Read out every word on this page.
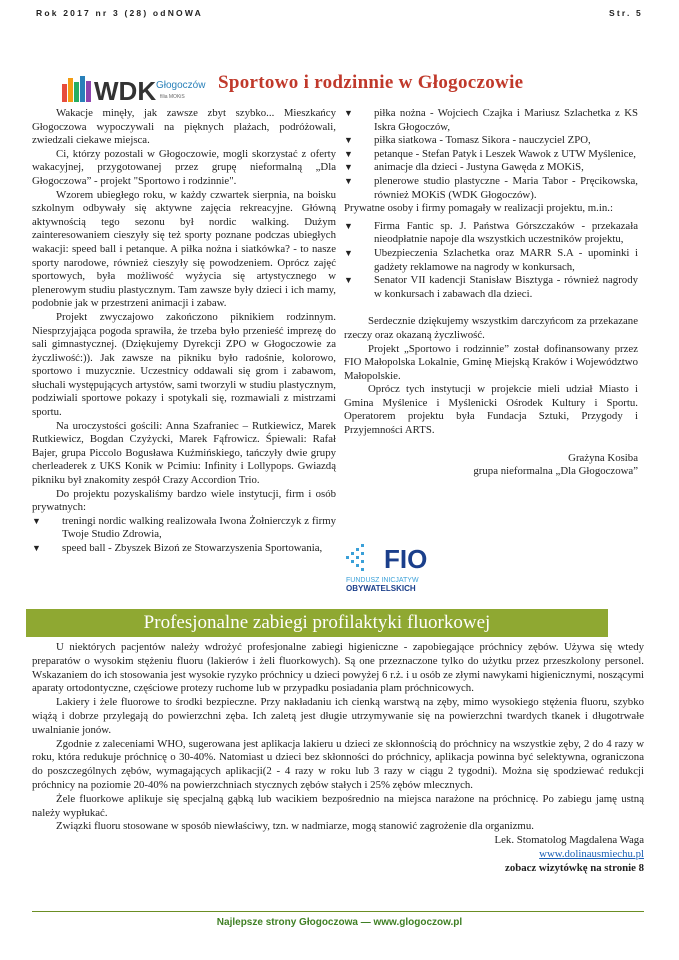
Rok 2017 nr 3 (28) odNOWA	Str. 5
WDK Głogoczów
filia MOKiS
Sportowo i rodzinnie w Głogoczowie

Wakacje minęły, jak zawsze zbyt szybko... Mieszkańcy Głogoczowa wypoczywali na pięknych plażach, podróżowali, zwiedzali ciekawe miejsca.

Ci, którzy pozostali w Głogoczowie, mogli skorzystać z oferty wakacyjnej, przygotowanej przez grupę nieformalną „Dla Głogoczowa” - projekt "Sportowo i rodzinnie".

Wzorem ubiegłego roku, w każdy czwartek sierpnia, na boisku szkolnym odbywały się aktywne zajęcia rekreacyjne. Główną aktywnością tego sezonu był nordic walking. Dużym zainteresowaniem cieszyły się też sporty poznane podczas ubiegłych wakacji: speed ball i petanque. A piłka nożna i siatkówka? - to nasze sporty narodowe, również cieszyły się powodzeniem. Oprócz zajęć sportowych, była możliwość wyżycia się artystycznego w plenerowym studiu plastycznym. Tam zawsze były dzieci i ich mamy, podobnie jak w przestrzeni animacji i zabaw.

Projekt zwyczajowo zakończono piknikiem rodzinnym. Niesprzyjająca pogoda sprawiła, że trzeba było przenieść imprezę do sali gimnastycznej. (Dziękujemy Dyrekcji ZPO w Głogoczowie za życzliwość:)). Jak zawsze na pikniku było radośnie, kolorowo, sportowo i muzycznie. Uczestnicy oddawali się grom i zabawom, słuchali występujących artystów, sami tworzyli w studiu plastycznym, podziwiali sportowe pokazy i spotykali się, rozmawiali z mistrzami sportu.

Na uroczystości gościli: Anna Szafraniec – Rutkiewicz, Marek Rutkiewicz, Bogdan Czyżycki, Marek Fąfrowicz. Śpiewali: Rafał Bajer, grupa Piccolo Bogusława Kuźmińskiego, tańczyły dwie grupy cherleaderek z UKS Konik w Pcimiu: Infinity i Lollypops. Gwiazdą pikniku był znakomity zespół Crazy Accordion Trio.

Do projektu pozyskaliśmy bardzo wiele instytucji, firm i osób prywatnych:

▼ treningi nordic walking realizowała Iwona Żołnierczyk z firmy Twoje Studio Zdrowia,

▼ speed ball - Zbyszek Bizoń ze Stowarzyszenia Sportowania,

▼ piłka nożna - Wojciech Czajka i Mariusz Szlachetka z KS Iskra Głogoczów,

▼ piłka siatkowa - Tomasz Sikora - nauczyciel ZPO,

▼ petanque - Stefan Patyk i Leszek Wawok z UTW Myślenice,

▼ animacje dla dzieci - Justyna Gawęda z MOKiS,

▼ plenerowe studio plastyczne - Maria Tabor - Pręcikowska, również MOKiS (WDK Głogoczów).

Prywatne osoby i firmy pomagały w realizacji projektu, m.in.:

▼ Firma Fantic sp. J. Państwa Górszczaków - przekazała nieodpłatnie napoje dla wszystkich uczestników projektu,

▼ Ubezpieczenia Szlachetka oraz MARR S.A - upominki i gadżety reklamowe na nagrody w konkursach,

▼ Senator VII kadencji Stanisław Bisztyga - również nagrody w konkursach i zabawach dla dzieci.

Serdecznie dziękujemy wszystkim darczyńcom za przekazane rzeczy oraz okazaną życzliwość.

Projekt „Sportowo i rodzinnie” został dofinansowany przez FIO Małopolska Lokalnie, Gminę Miejską Kraków i Województwo Małopolskie.

Oprócz tych instytucji w projekcie mieli udział Miasto i Gmina Myślenice i Myślenicki Ośrodek Kultury i Sportu. Operatorem projektu była Fundacja Sztuki, Przygody i Przyjemności ARTS.

Grażyna Kosiba

grupa nieformalna „Dla Głogoczowa”

FIO
FUNDUSZ INICJATYW
OBYWATELSKICH
Profesjonalne zabiegi profilaktyki fluorkowej

U niektórych pacjentów należy wdrożyć profesjonalne zabiegi higieniczne - zapobiegające próchnicy zębów. Używa się wtedy preparatów o wysokim stężeniu fluoru (lakierów i żeli fluorkowych). Są one przeznaczone tylko do użytku przez przeszkolony personel. Wskazaniem do ich stosowania jest wysokie ryzyko próchnicy u dzieci powyżej 6 r.ż. i u osób ze złymi nawykami higienicznymi, noszącymi aparaty ortodontyczne, częściowe protezy ruchome lub w przypadku posiadania plam próchnicowych.

Lakiery i żele fluorowe to środki bezpieczne. Przy nakładaniu ich cienką warstwą na zęby, mimo wysokiego stężenia fluoru, szybko wiążą i dobrze przylegają do powierzchni zęba. Ich zaletą jest długie utrzymywanie się na powierzchni twardych tkanek i długotrwałe uwalnianie jonów.

Zgodnie z zaleceniami WHO, sugerowana jest aplikacja lakieru u dzieci ze skłonnością do próchnicy na wszystkie zęby, 2 do 4 razy w roku, która redukuje próchnicę o 30-40%. Natomiast u dzieci bez skłonności do próchnicy, aplikacja powinna być selektywna, ograniczona do poszczególnych zębów, wymagających aplikacji(2 - 4 razy w roku lub 3 razy w ciągu 2 tygodni). Można się spodziewać redukcji próchnicy na poziomie 20-40% na powierzchniach stycznych zębów stałych i 25% zębów mlecznych.

Żele fluorkowe aplikuje się specjalną gąbką lub wacikiem bezpośrednio na miejsca narażone na próchnicę. Po zabiegu jamę ustną należy wypłukać.

Związki fluoru stosowane w sposób niewłaściwy, tzn. w nadmiarze, mogą stanowić zagrożenie dla organizmu.

Lek. Stomatolog Magdalena Waga

www.dolinausmiechu.pl

zobacz wizytówkę na stronie 8

Najlepsze strony Głogoczowa — www.glogoczow.pl
